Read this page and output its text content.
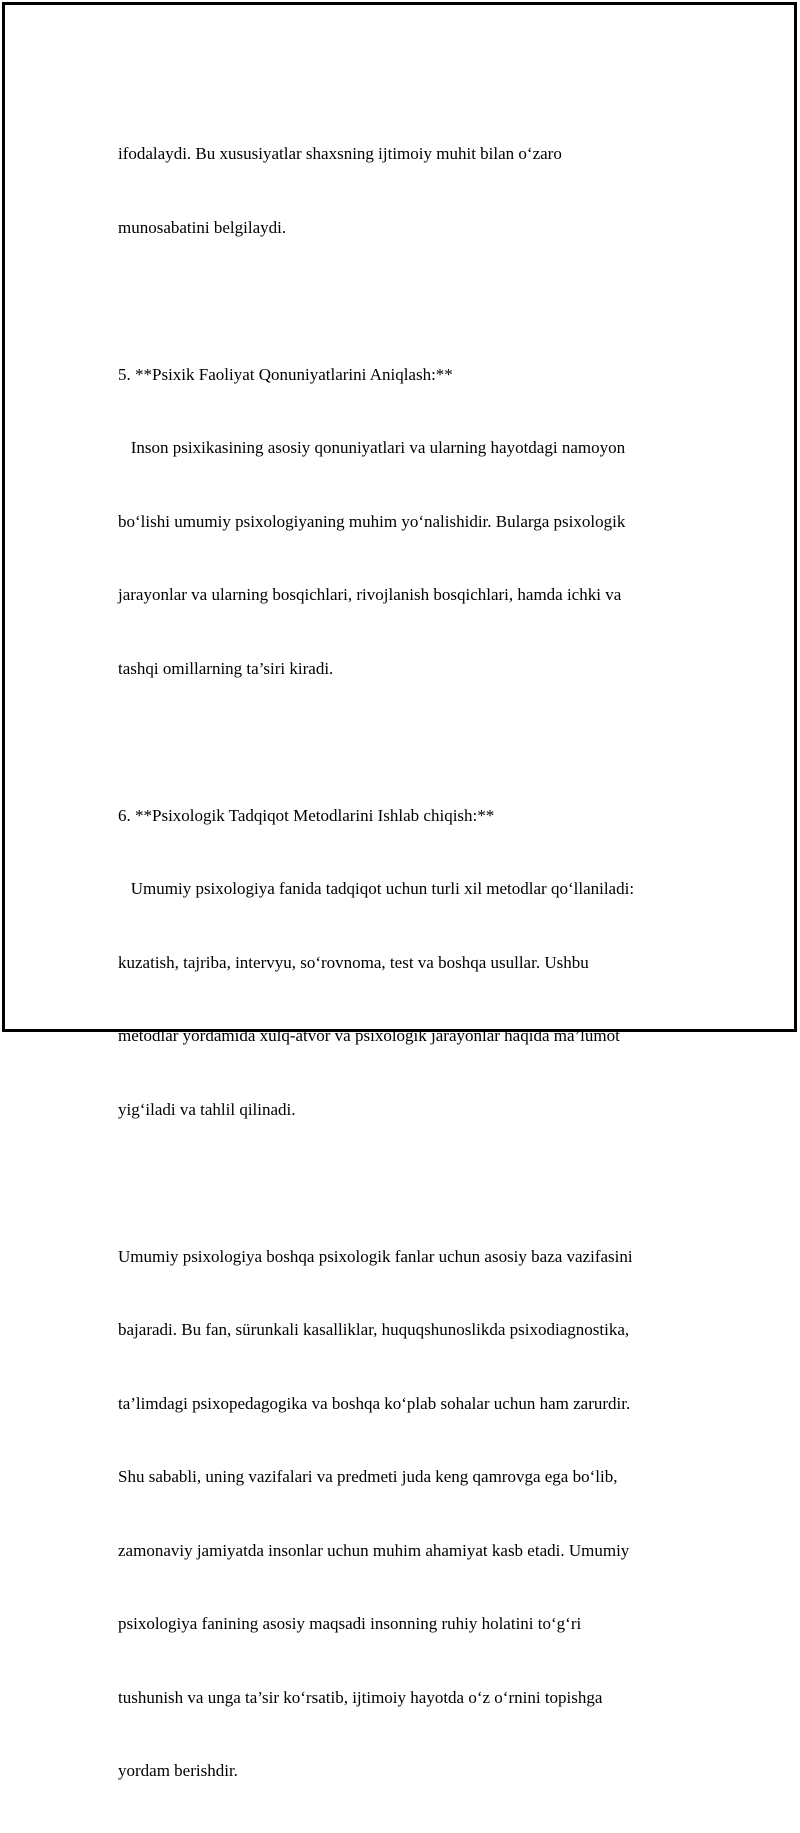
ifodalaydi. Bu xususiyatlar shaxsning ijtimoiy muhit bilan o‘zaro

munosabatini belgilaydi.

5. **Psixik Faoliyat Qonuniyatlarini Aniqlash:**

Inson psixikasining asosiy qonuniyatlari va ularning hayotdagi namoyon

bo‘lishi umumiy psixologiyaning muhim yo‘nalishidir. Bularga psixologik

jarayonlar va ularning bosqichlari, rivojlanish bosqichlari, hamda ichki va

tashqi omillarning ta’siri kiradi.

6. **Psixologik Tadqiqot Metodlarini Ishlab chiqish:**

Umumiy psixologiya fanida tadqiqot uchun turli xil metodlar qo‘llaniladi:

kuzatish, tajriba, intervyu, so‘rovnoma, test va boshqa usullar. Ushbu

metodlar yordamida xulq-atvor va psixologik jarayonlar haqida ma’lumot

yig‘iladi va tahlil qilinadi.

Umumiy psixologiya boshqa psixologik fanlar uchun asosiy baza vazifasini

bajaradi. Bu fan, sürunkali kasalliklar, huquqshunoslikda psixodiagnostika,

ta’limdagi psixopedagogika va boshqa ko‘plab sohalar uchun ham zarurdir.

Shu sababli, uning vazifalari va predmeti juda keng qamrovga ega bo‘lib,

zamonaviy jamiyatda insonlar uchun muhim ahamiyat kasb etadi. Umumiy

psixologiya fanining asosiy maqsadi insonning ruhiy holatini to‘g‘ri

tushunish va unga ta’sir ko‘rsatib, ijtimoiy hayotda o‘z o‘rnini topishga

yordam berishdir.
